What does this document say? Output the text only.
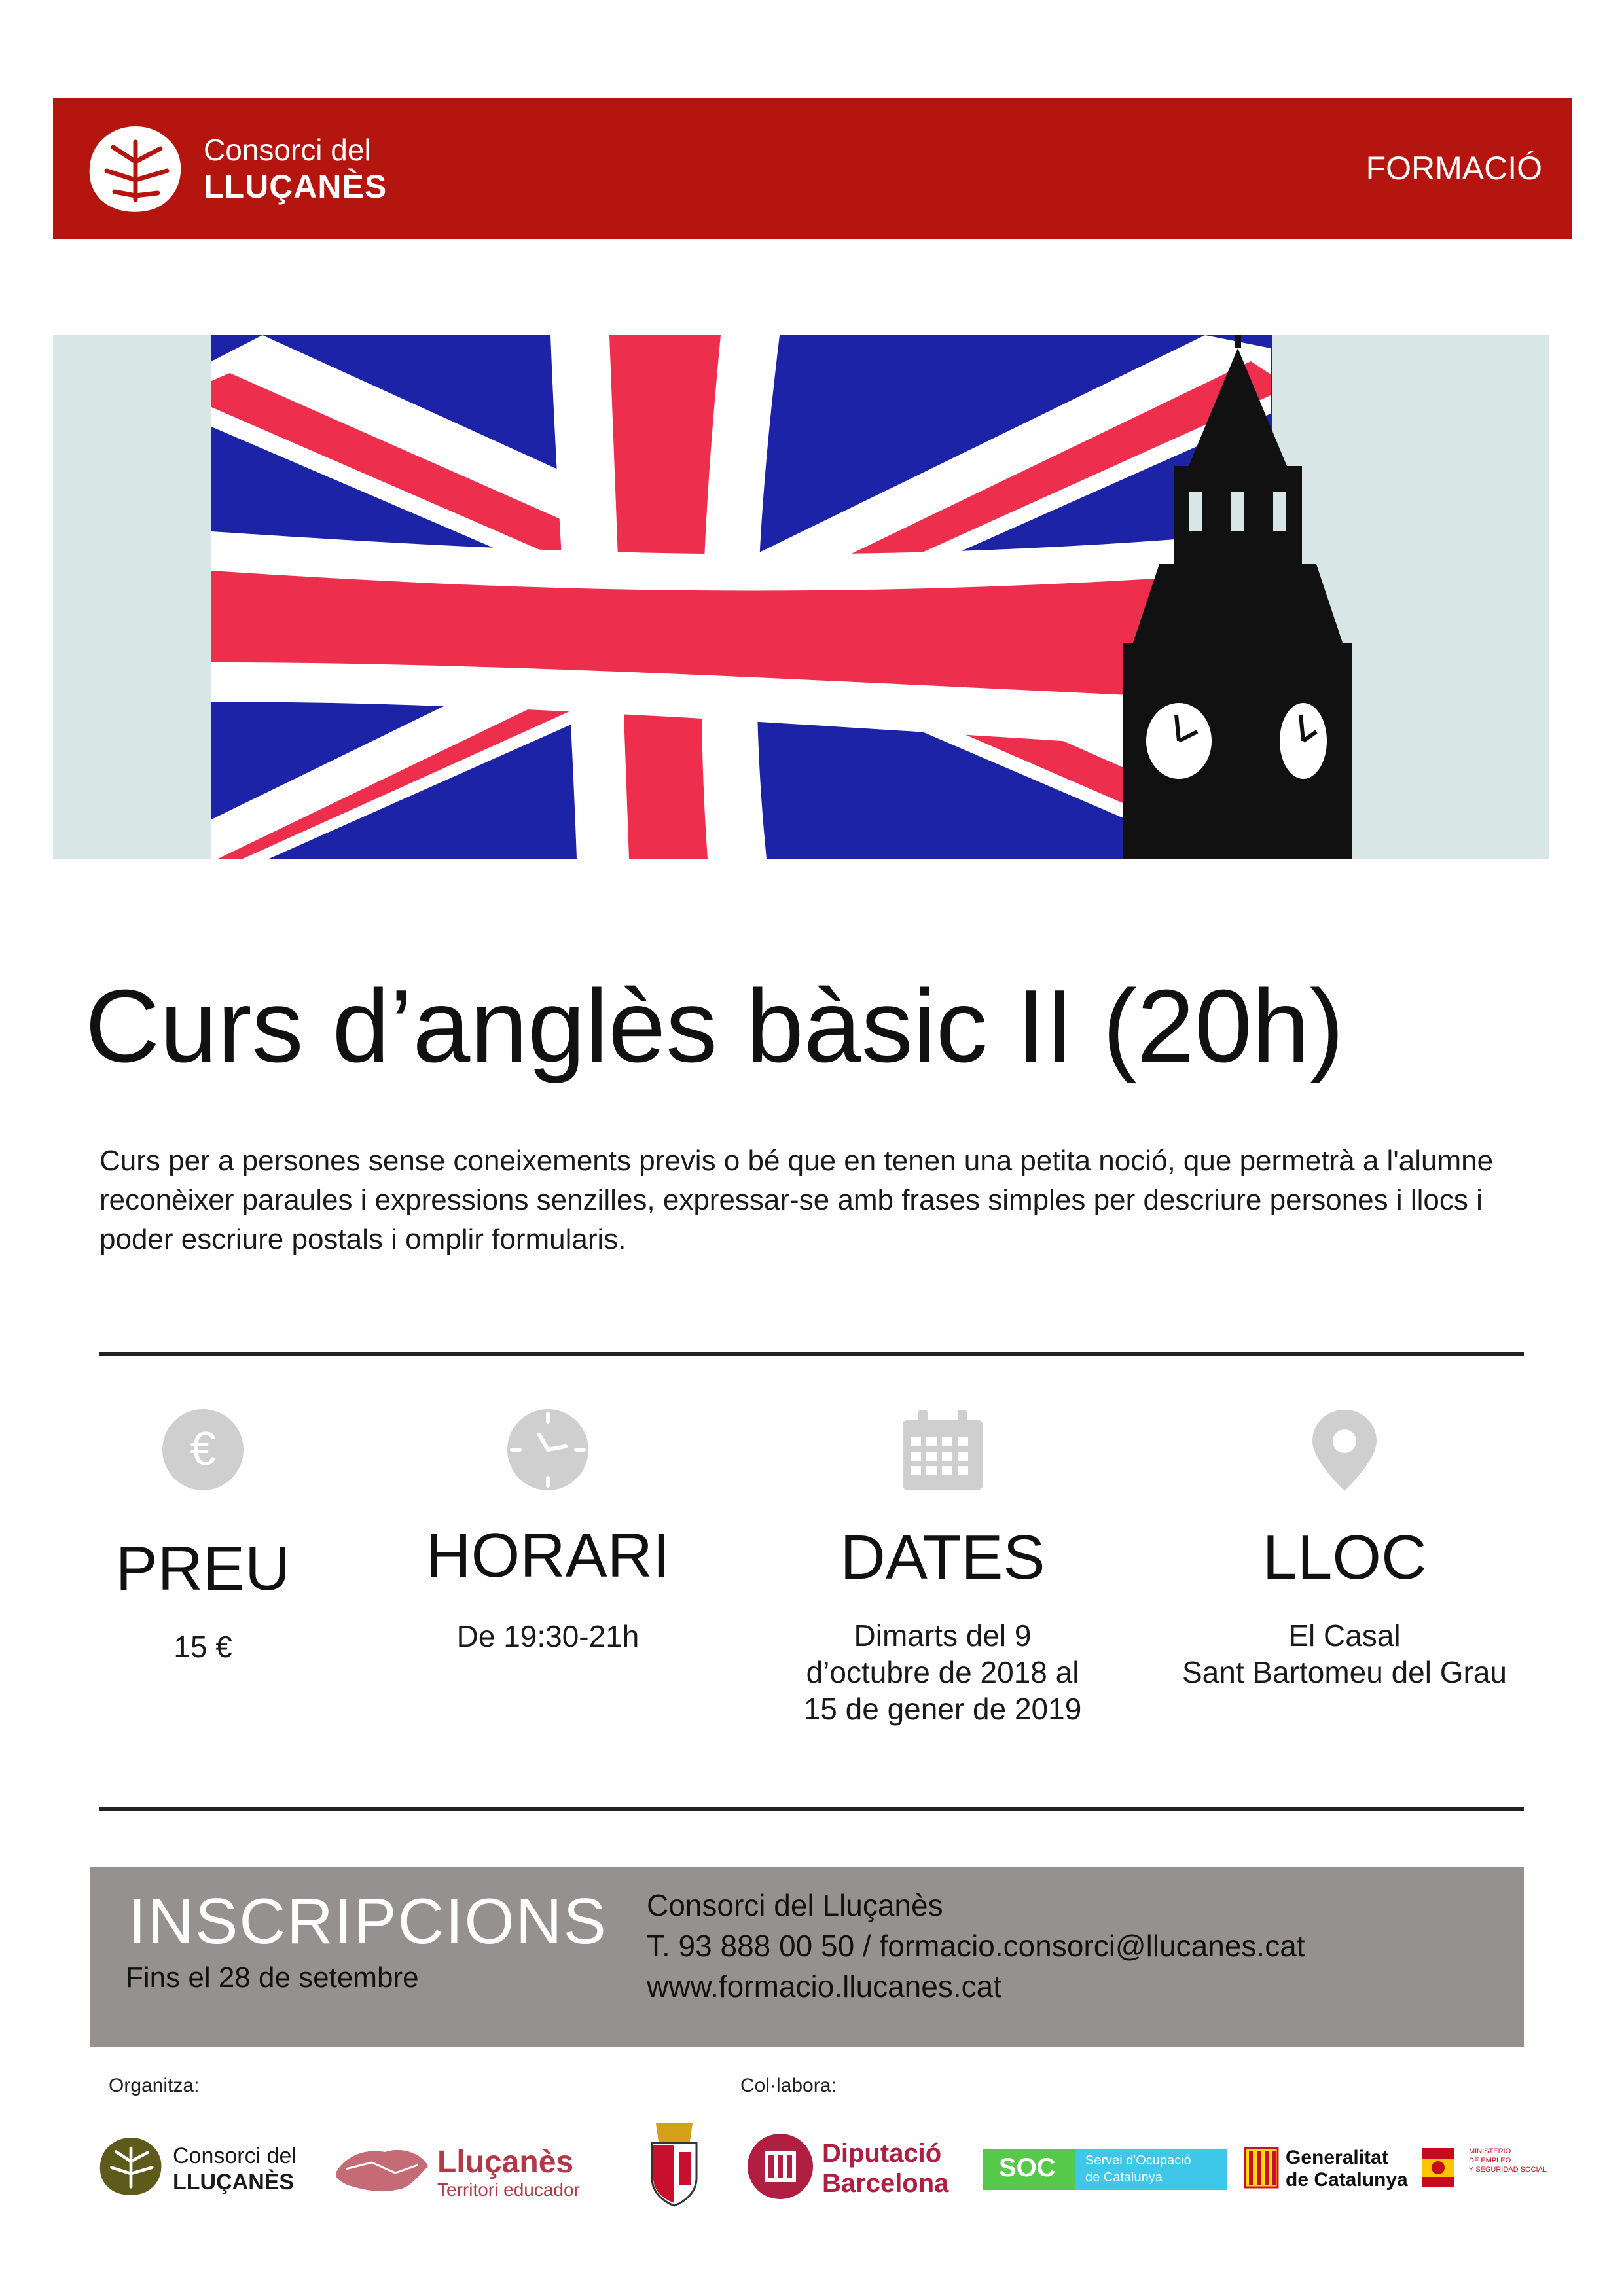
Consorci del
LLUÇANÈS	FORMACIÓ
Curs d’anglès bàsic II (20h)
Curs per a persones sense coneixements previs o bé que en tenen una petita noció, que permetrà a l'alumne reconèixer paraules i expressions senzilles, expressar-se amb frases simples per descriure persones i llocs i poder escriure postals i omplir formularis.
€
PREU
15 €
HORARI
De 19:30-21h
DATES
Dimarts del 9
d’octubre de 2018 al
15 de gener de 2019
LLOC
El Casal
Sant Bartomeu del Grau
INSCRIPCIONS
Fins el 28 de setembre
Consorci del Lluçanès
T. 93 888 00 50 / formacio.consorci@llucanes.cat
www.formacio.llucanes.cat
Organitza:	Col·labora:
Consorci del
LLUÇANÈS
Lluçanès
Territori educador
Diputació
Barcelona
SOC Servei d'Ocupació
de Catalunya
Generalitat
de Catalunya
MINISTERIO
DE EMPLEO
Y SEGURIDAD SOCIAL
